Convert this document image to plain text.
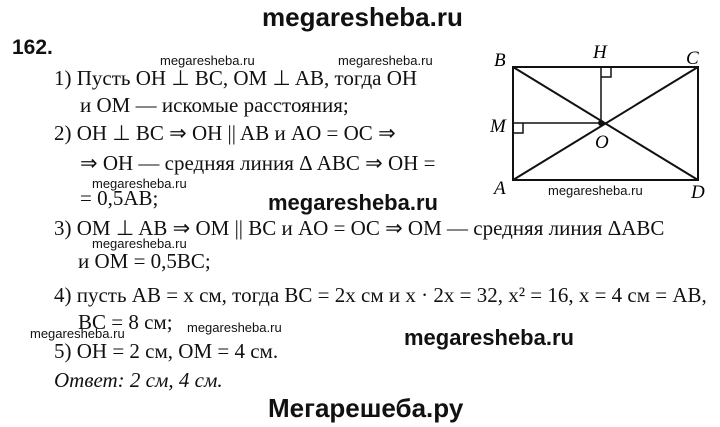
megaresheba.ru
megaresheba.ru	megaresheba.ru
megaresheba.ru
megaresheba.ru	megaresheba.ru
megaresheba.ru
megaresheba.ru	megaresheba.ru	megaresheba.ru
Мегарешеба.ру
162.
1) Пусть OH ⊥ BC, OM ⊥ AB, тогда OH
и OM — искомые расстояния;
2) OH ⊥ BC ⇒ OH || AB и AO = OC ⇒
⇒ OH — средняя линия Δ ABC ⇒ OH =
= 0,5AB;
3) OM ⊥ AB ⇒ OM || BC и AO = OC ⇒ OM — средняя линия ΔABC
и OM = 0,5BC;
4) пусть AB = x см, тогда BC = 2x см и x · 2x = 32, x² = 16, x = 4 см = AB,
BC = 8 см;
5) OH = 2 см, OM = 4 см.
Ответ: 2 см, 4 см.
B	H	C
M
O
A	D
